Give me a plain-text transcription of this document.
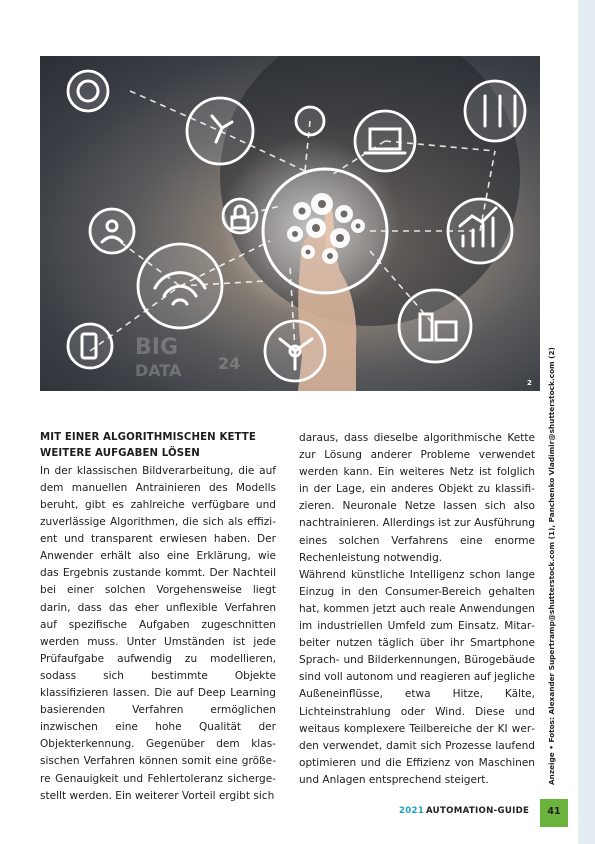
BIG
DATA 24
2 Anzeige • Fotos: Alexander Supertramp@shutterstock.com (1), Panchenko Vladimir@shutterstock.com (2)
MIT EINER ALGORITHMISCHEN KETTE
WEITERE AUFGABEN LÖSEN

In der klassischen Bildverarbeitung, die auf dem manuellen Antrainieren des Modells beruht, gibt es zahlreiche verfügbare und zuverlässige Algorithmen, die sich als effizient und transparent erwiesen haben. Der Anwender erhält also eine Erklärung, wie das Ergebnis zustande kommt. Der Nachteil bei einer solchen Vorgehensweise liegt darin, dass das eher unflexible Verfahren auf spezifische Aufgaben zugeschnitten werden muss. Unter Umständen ist jede Prüfaufgabe aufwendig zu modellieren, sodass sich bestimmte Objekte klassifizieren lassen. Die auf Deep Learning basierenden Verfahren ermöglichen inzwischen eine hohe Qualität der Objekterkennung. Gegenüber dem klassischen Verfahren können somit eine größere Genauigkeit und Fehlertoleranz sichergestellt werden. Ein weiterer Vorteil ergibt sich

daraus, dass dieselbe algorithmische Kette zur Lösung anderer Probleme verwendet werden kann. Ein weiteres Netz ist folglich in der Lage, ein anderes Objekt zu klassifizieren. Neuronale Netze lassen sich also nachtrainieren. Allerdings ist zur Ausführung eines solchen Verfahrens eine enorme Rechenleistung notwendig.

Während künstliche Intelligenz schon lange Einzug in den Consumer-Bereich gehalten hat, kommen jetzt auch reale Anwendungen im industriellen Umfeld zum Einsatz. Mitarbeiter nutzen täglich über ihr Smartphone Sprach- und Bilderkennungen, Bürogebäude sind voll autonom und reagieren auf jegliche Außeneinflüsse, etwa Hitze, Kälte, Lichteinstrahlung oder Wind. Diese und weitaus komplexere Teilbereiche der KI werden verwendet, damit sich Prozesse laufend optimieren und die Effizienz von Maschinen und Anlagen entsprechend steigert.

2021 AUTOMATION-GUIDE	41
